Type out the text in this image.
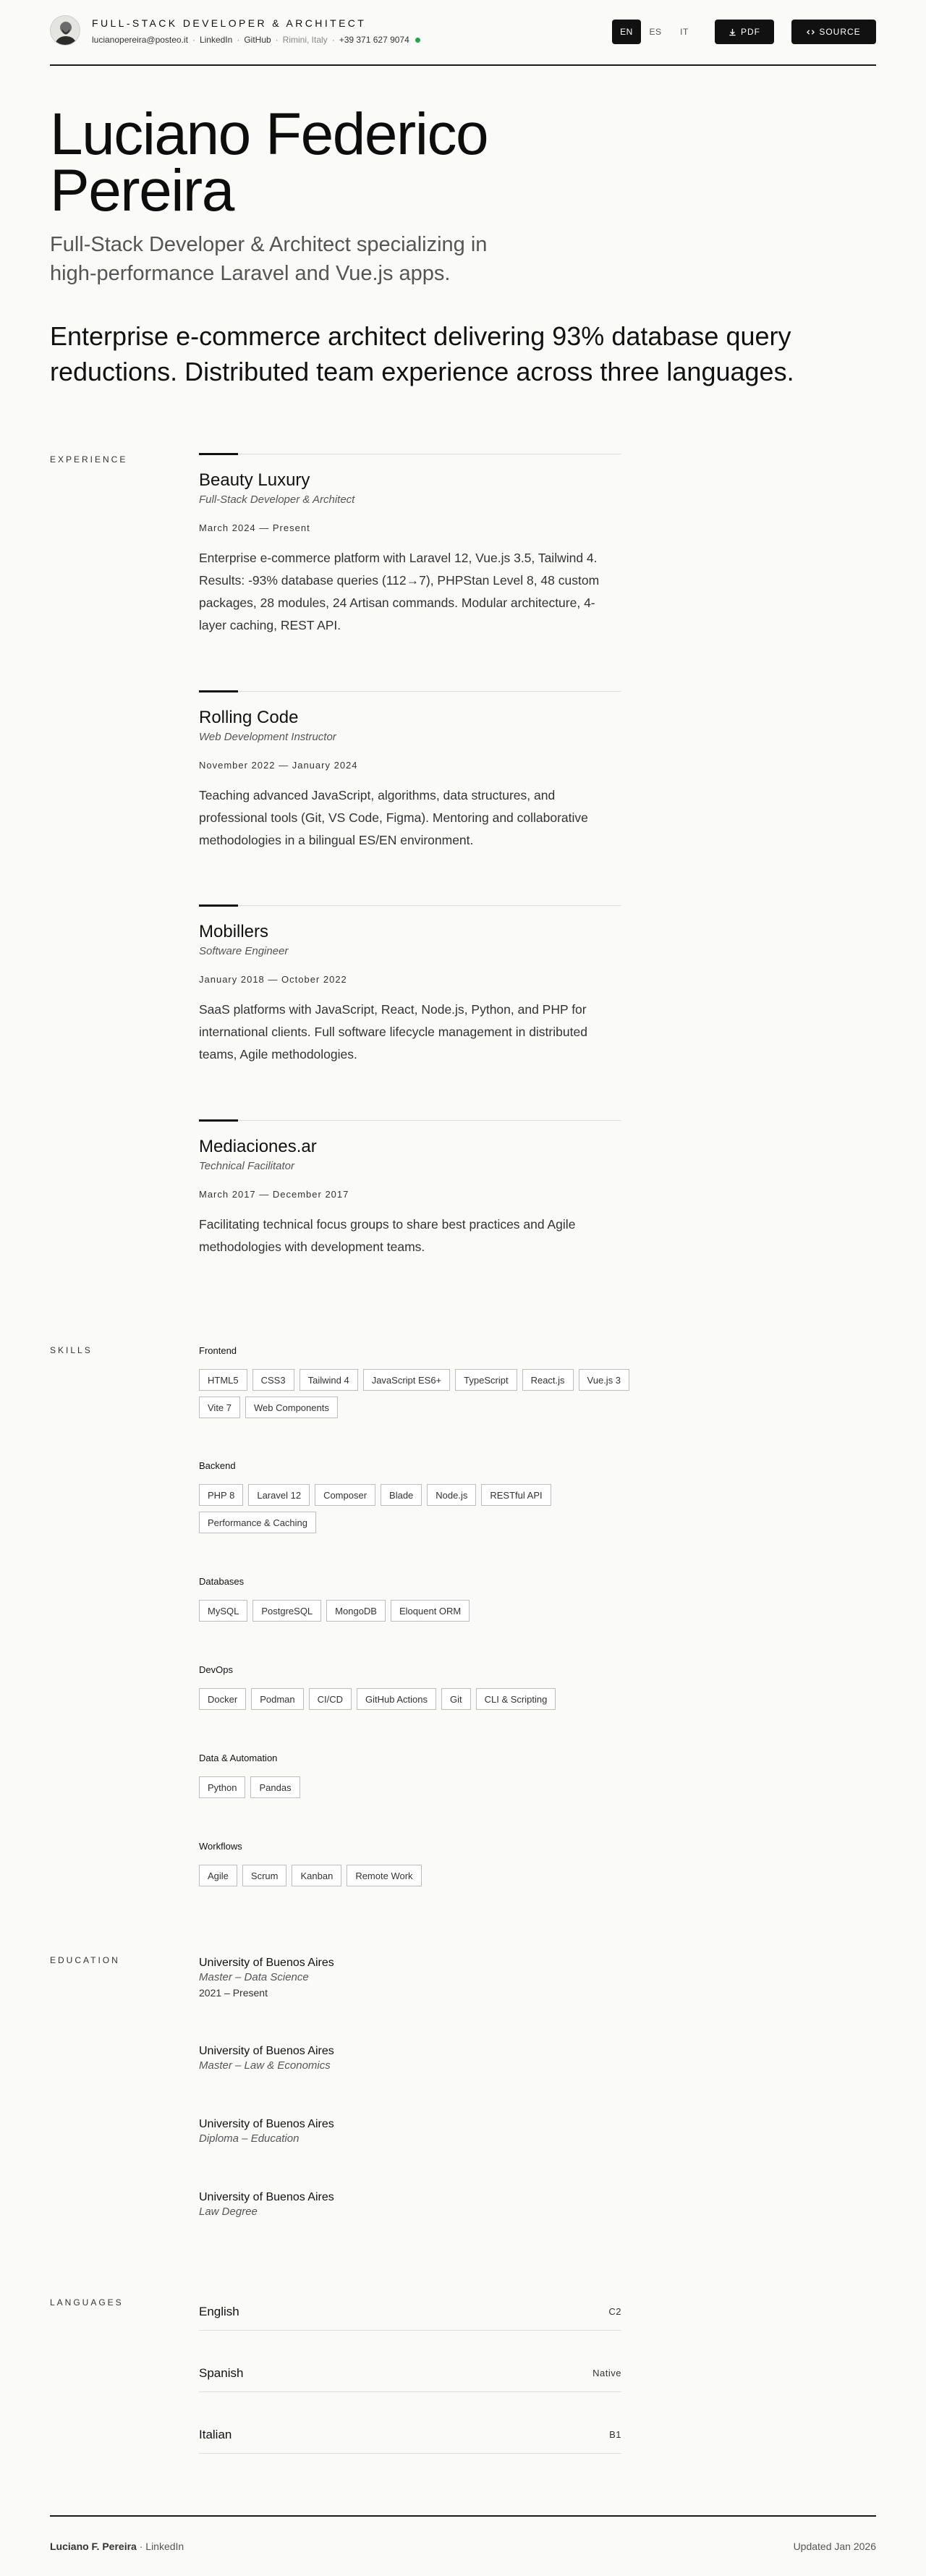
FULL-STACK DEVELOPER & ARCHITECT
lucianopereira@posteo.it · LinkedIn · GitHub · Rimini, Italy · +39 371 627 9074
EN	ES	IT	PDF	SOURCE
Luciano Federico Pereira

Full-Stack Developer & Architect specializing in high-performance Laravel and Vue.js apps.

Enterprise e-commerce architect delivering 93% database query reductions. Distributed team experience across three languages.

EXPERIENCE
Beauty Luxury
Full-Stack Developer & Architect
March 2024 — Present
Enterprise e-commerce platform with Laravel 12, Vue.js 3.5, Tailwind 4. Results: -93% database queries (112→7), PHPStan Level 8, 48 custom packages, 28 modules, 24 Artisan commands. Modular architecture, 4-layer caching, REST API.
Rolling Code
Web Development Instructor
November 2022 — January 2024
Teaching advanced JavaScript, algorithms, data structures, and professional tools (Git, VS Code, Figma). Mentoring and collaborative methodologies in a bilingual ES/EN environment.
Mobillers
Software Engineer
January 2018 — October 2022
SaaS platforms with JavaScript, React, Node.js, Python, and PHP for international clients. Full software lifecycle management in distributed teams, Agile methodologies.
Mediaciones.ar
Technical Facilitator
March 2017 — December 2017
Facilitating technical focus groups to share best practices and Agile methodologies with development teams.
SKILLS	Frontend
HTML5	CSS3	Tailwind 4	JavaScript ES6+	TypeScript	React.js	Vue.js 3
Vite 7	Web Components
Backend
PHP 8	Laravel 12	Composer	Blade	Node.js	RESTful API
Performance & Caching
Databases
MySQL	PostgreSQL	MongoDB	Eloquent ORM
DevOps
Docker	Podman	CI/CD	GitHub Actions	Git	CLI & Scripting
Data & Automation
Python	Pandas
Workflows
Agile	Scrum	Kanban	Remote Work
EDUCATION	University of Buenos Aires
Master – Data Science
2021 – Present
University of Buenos Aires
Master – Law & Economics
University of Buenos Aires
Diploma – Education
University of Buenos Aires
Law Degree
LANGUAGES
English	C2
Spanish	Native
Italian	B1
Luciano F. Pereira · LinkedIn	Updated Jan 2026
